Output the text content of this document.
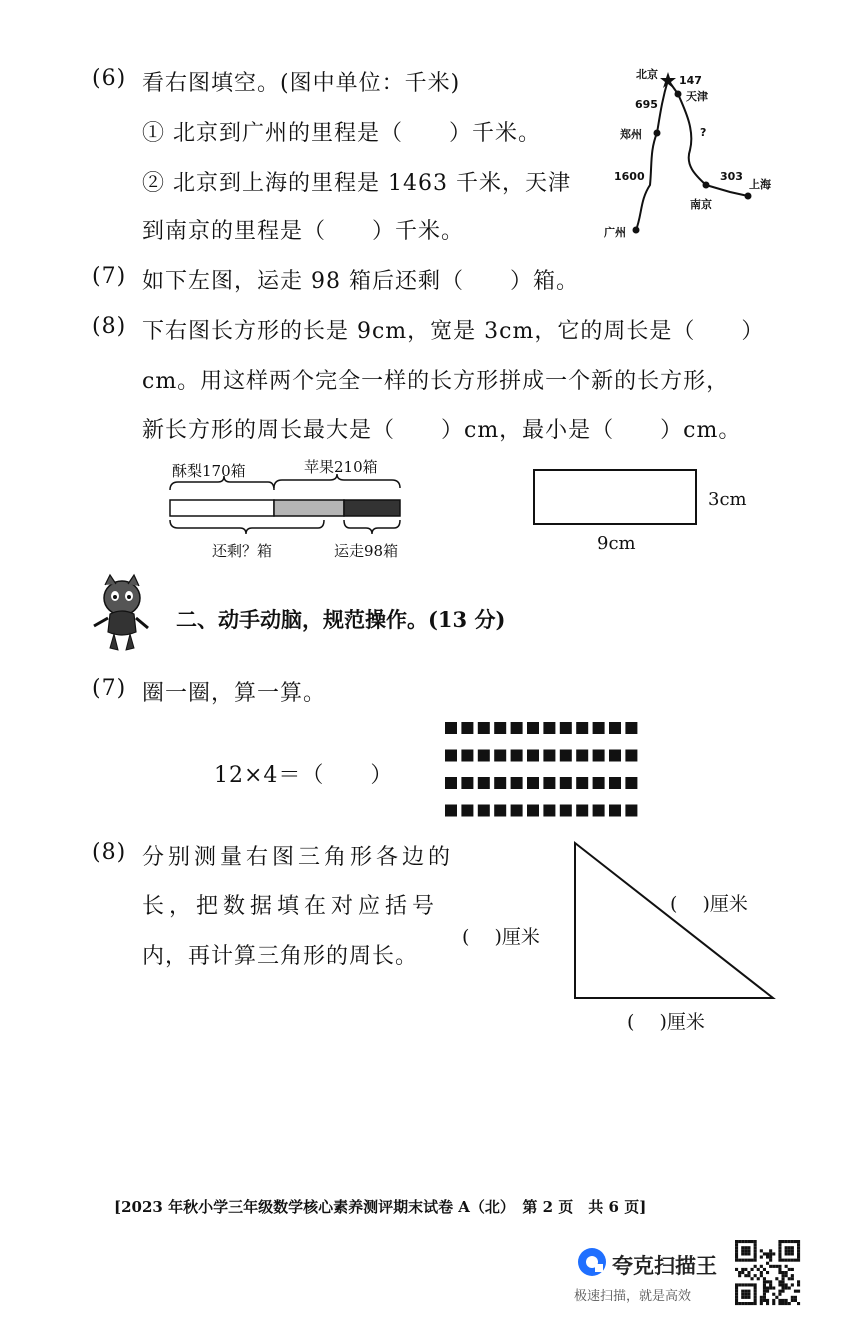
(6) 看右图填空。(图中单位：千米)
① 北京到广州的里程是（　　）千米。
② 北京到上海的里程是 1463 千米，天津
到南京的里程是（　　）千米。
北京 147
天津
695
郑州	?
1600	303
上海
南京
广州
(7) 如下左图，运走 98 箱后还剩（　　）箱。
(8) 下右图长方形的长是 9cm，宽是 3cm，它的周长是（　　）
cm。用这样两个完全一样的长方形拼成一个新的长方形，
新长方形的周长最大是（　　）cm，最小是（　　）cm。
酥梨170箱	苹果210箱
还剩？箱	运走98箱
3cm
9cm
二、动手动脑，规范操作。(13 分)
(7) 圈一圈，算一算。
12×4＝（　　）
(8) 分别测量右图三角形各边的
长，把数据填在对应括号
内，再计算三角形的周长。
(　 )厘米
(　 )厘米
(　 )厘米
[2023 年秋小学三年级数学核心素养测评期末试卷 A（北）　第 2 页　共 6 页]
夸克扫描王
极速扫描，就是高效
